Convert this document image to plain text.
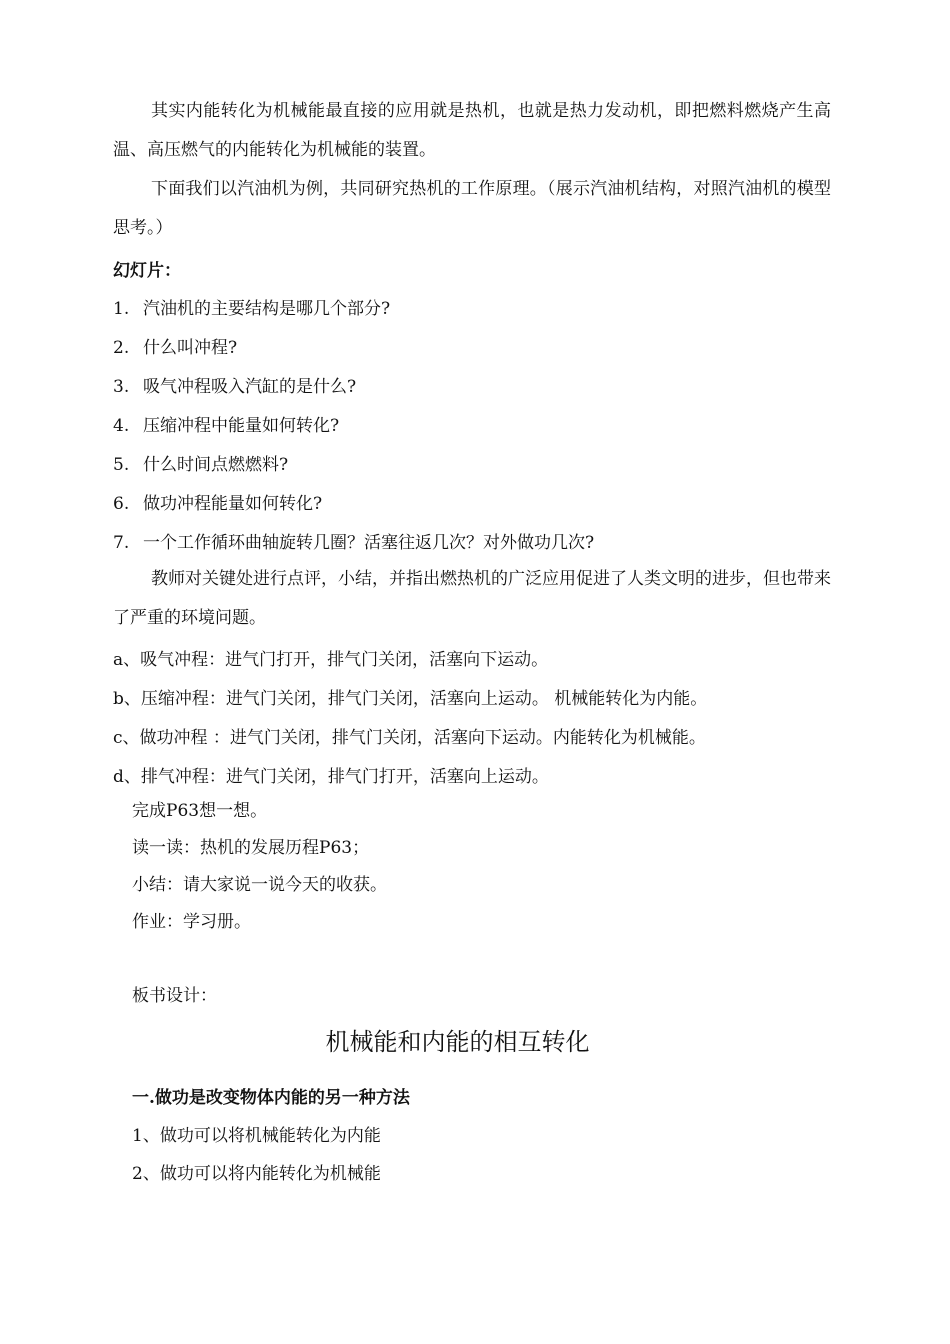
其实内能转化为机械能最直接的应用就是热机，也就是热力发动机，即把燃料燃烧产生高温、高压燃气的内能转化为机械能的装置。
下面我们以汽油机为例，共同研究热机的工作原理。（展示汽油机结构，对照汽油机的模型思考。）
幻灯片：
1. 汽油机的主要结构是哪几个部分?
2. 什么叫冲程?
3. 吸气冲程吸入汽缸的是什么?
4. 压缩冲程中能量如何转化?
5. 什么时间点燃燃料?
6. 做功冲程能量如何转化?
7. 一个工作循环曲轴旋转几圈？活塞往返几次？对外做功几次?
教师对关键处进行点评，小结，并指出燃热机的广泛应用促进了人类文明的进步，但也带来了严重的环境问题。
a、吸气冲程：进气门打开，排气门关闭，活塞向下运动。
b、压缩冲程：进气门关闭，排气门关闭，活塞向上运动。 机械能转化为内能。
c、做功冲程 ：进气门关闭，排气门关闭，活塞向下运动。内能转化为机械能。
d、排气冲程：进气门关闭，排气门打开，活塞向上运动。
完成P63想一想。
读一读：热机的发展历程P63；
小结：请大家说一说今天的收获。
作业：学习册。
板书设计：
机械能和内能的相互转化
一.做功是改变物体内能的另一种方法
1、做功可以将机械能转化为内能
2、做功可以将内能转化为机械能
